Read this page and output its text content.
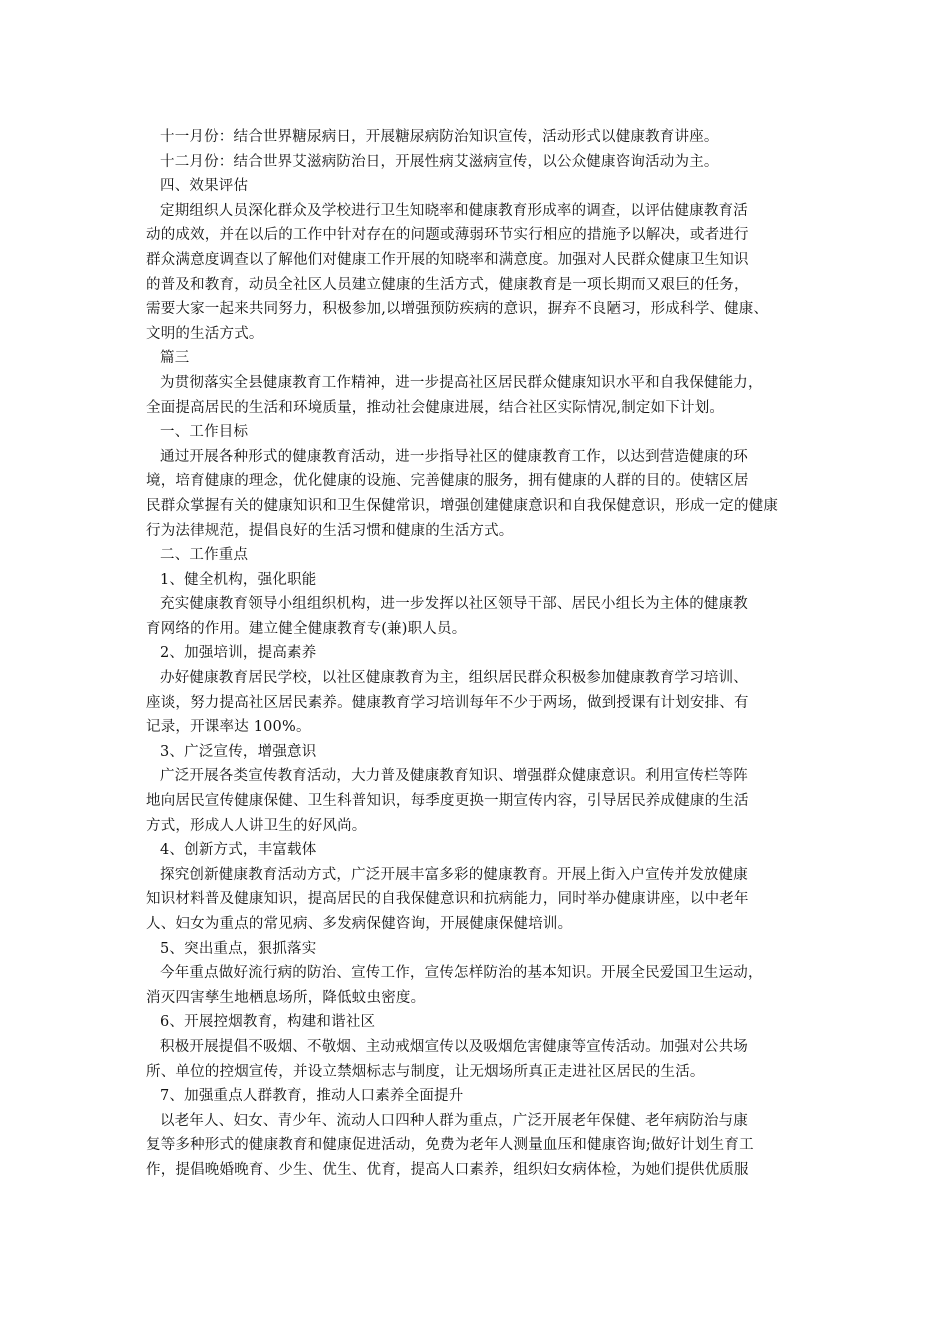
十一月份：结合世界糖尿病日，开展糖尿病防治知识宣传，活动形式以健康教育讲座。
十二月份：结合世界艾滋病防治日，开展性病艾滋病宣传，以公众健康咨询活动为主。
四、效果评估
定期组织人员深化群众及学校进行卫生知晓率和健康教育形成率的调查，以评估健康教育活
动的成效，并在以后的工作中针对存在的问题或薄弱环节实行相应的措施予以解决，或者进行
群众满意度调查以了解他们对健康工作开展的知晓率和满意度。加强对人民群众健康卫生知识
的普及和教育，动员全社区人员建立健康的生活方式，健康教育是一项长期而又艰巨的任务，
需要大家一起来共同努力，积极参加,以增强预防疾病的意识，摒弃不良陋习，形成科学、健康、
文明的生活方式。
篇三
为贯彻落实全县健康教育工作精神，进一步提高社区居民群众健康知识水平和自我保健能力，
全面提高居民的生活和环境质量，推动社会健康进展，结合社区实际情况,制定如下计划。
一、工作目标
通过开展各种形式的健康教育活动，进一步指导社区的健康教育工作，以达到营造健康的环
境，培育健康的理念，优化健康的设施、完善健康的服务，拥有健康的人群的目的。使辖区居
民群众掌握有关的健康知识和卫生保健常识，增强创建健康意识和自我保健意识，形成一定的健康
行为法律规范，提倡良好的生活习惯和健康的生活方式。
二、工作重点
1、健全机构，强化职能
充实健康教育领导小组组织机构，进一步发挥以社区领导干部、居民小组长为主体的健康教
育网络的作用。建立健全健康教育专(兼)职人员。
2、加强培训，提高素养
办好健康教育居民学校，以社区健康教育为主，组织居民群众积极参加健康教育学习培训、
座谈，努力提高社区居民素养。健康教育学习培训每年不少于两场，做到授课有计划安排、有
记录，开课率达 100%。
3、广泛宣传，增强意识
广泛开展各类宣传教育活动，大力普及健康教育知识、增强群众健康意识。利用宣传栏等阵
地向居民宣传健康保健、卫生科普知识，每季度更换一期宣传内容，引导居民养成健康的生活
方式，形成人人讲卫生的好风尚。
4、创新方式，丰富载体
探究创新健康教育活动方式，广泛开展丰富多彩的健康教育。开展上街入户宣传并发放健康
知识材料普及健康知识，提高居民的自我保健意识和抗病能力，同时举办健康讲座，以中老年
人、妇女为重点的常见病、多发病保健咨询，开展健康保健培训。
5、突出重点，狠抓落实
今年重点做好流行病的防治、宣传工作，宣传怎样防治的基本知识。开展全民爱国卫生运动，
消灭四害孳生地栖息场所，降低蚊虫密度。
6、开展控烟教育，构建和谐社区
积极开展提倡不吸烟、不敬烟、主动戒烟宣传以及吸烟危害健康等宣传活动。加强对公共场
所、单位的控烟宣传，并设立禁烟标志与制度，让无烟场所真正走进社区居民的生活。
7、加强重点人群教育，推动人口素养全面提升
以老年人、妇女、青少年、流动人口四种人群为重点，广泛开展老年保健、老年病防治与康
复等多种形式的健康教育和健康促进活动，免费为老年人测量血压和健康咨询;做好计划生育工
作，提倡晚婚晚育、少生、优生、优育，提高人口素养，组织妇女病体检，为她们提供优质服
